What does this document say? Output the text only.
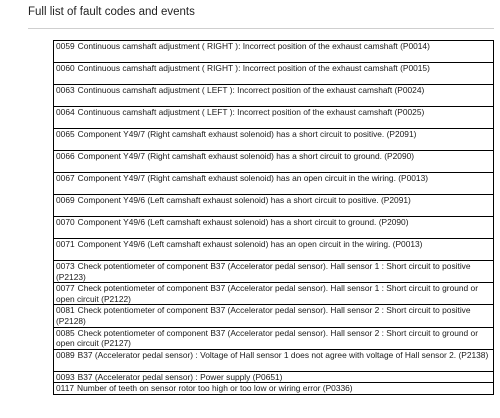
Full list of fault codes and events
0059 Continuous camshaft adjustment ( RIGHT ): Incorrect position of the exhaust camshaft (P0014)
0060 Continuous camshaft adjustment ( RIGHT ): Incorrect position of the exhaust camshaft (P0015)
0063 Continuous camshaft adjustment ( LEFT ): Incorrect position of the exhaust camshaft (P0024)
0064 Continuous camshaft adjustment ( LEFT ): Incorrect position of the exhaust camshaft (P0025)
0065 Component Y49/7 (Right camshaft exhaust solenoid) has a short circuit to positive. (P2091)
0066 Component Y49/7 (Right camshaft exhaust solenoid) has a short circuit to ground. (P2090)
0067 Component Y49/7 (Right camshaft exhaust solenoid) has an open circuit in the wiring. (P0013)
0069 Component Y49/6 (Left camshaft exhaust solenoid) has a short circuit to positive. (P2091)
0070 Component Y49/6 (Left camshaft exhaust solenoid) has a short circuit to ground. (P2090)
0071 Component Y49/6 (Left camshaft exhaust solenoid) has an open circuit in the wiring. (P0013)
0073 Check potentiometer of component B37 (Accelerator pedal sensor). Hall sensor 1 : Short circuit to positive (P2123)
0077 Check potentiometer of component B37 (Accelerator pedal sensor). Hall sensor 1 : Short circuit to ground or open circuit (P2122)
0081 Check potentiometer of component B37 (Accelerator pedal sensor). Hall sensor 2 : Short circuit to positive (P2128)
0085 Check potentiometer of component B37 (Accelerator pedal sensor). Hall sensor 2 : Short circuit to ground or open circuit (P2127)
0089 B37 (Accelerator pedal sensor) : Voltage of Hall sensor 1 does not agree with voltage of Hall sensor 2. (P2138)
0093 B37 (Accelerator pedal sensor) : Power supply (P0651)
0117 Number of teeth on sensor rotor too high or too low or wiring error (P0336)
